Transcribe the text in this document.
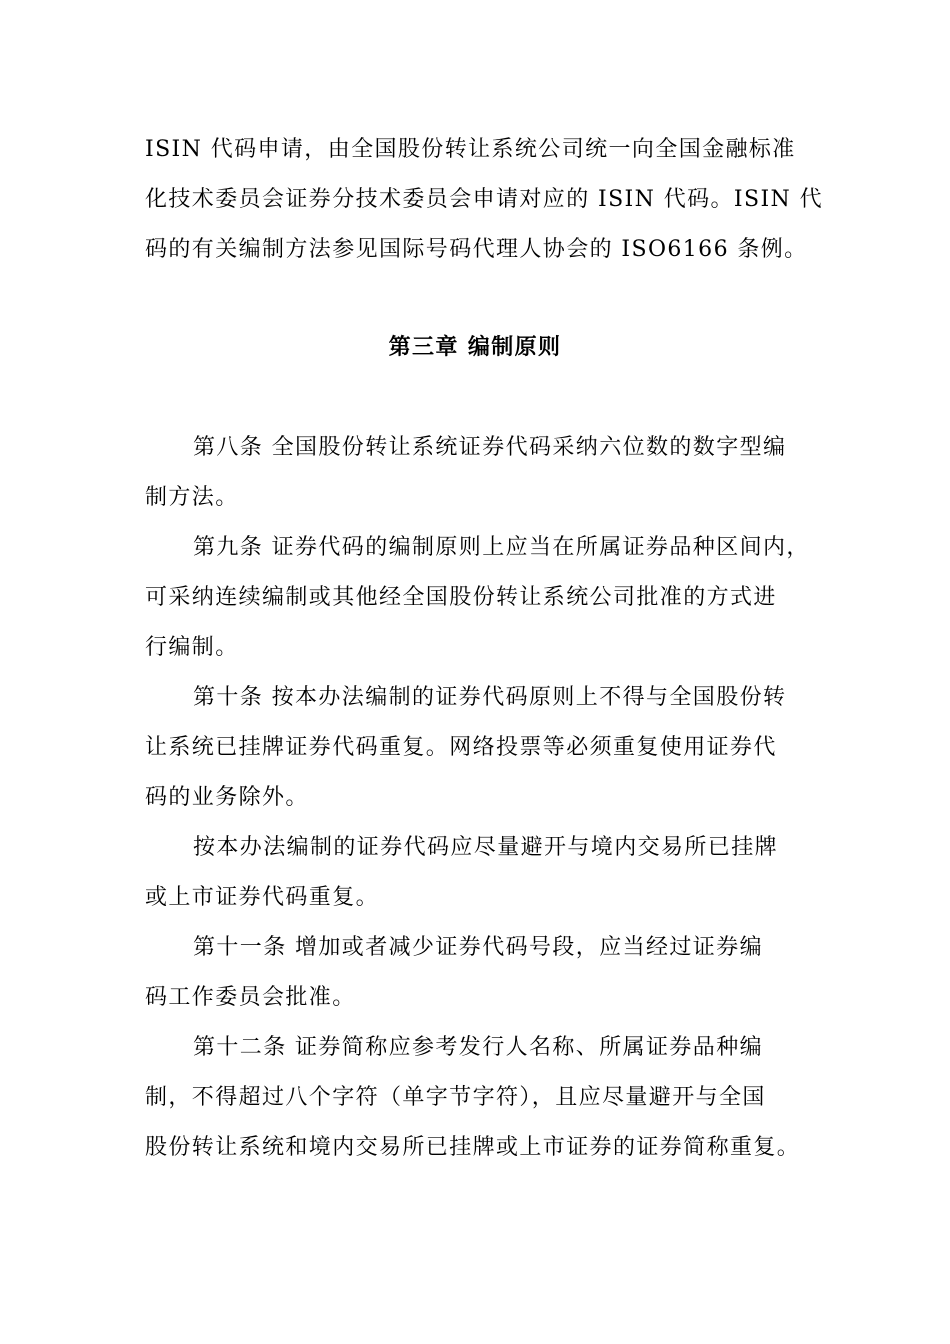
ISIN 代码申请，由全国股份转让系统公司统一向全国金融标准
化技术委员会证券分技术委员会申请对应的 ISIN 代码。ISIN 代
码的有关编制方法参见国际号码代理人协会的 ISO6166 条例。
第三章 编制原则
第八条 全国股份转让系统证券代码采纳六位数的数字型编
制方法。
第九条 证券代码的编制原则上应当在所属证券品种区间内，
可采纳连续编制或其他经全国股份转让系统公司批准的方式进
行编制。
第十条 按本办法编制的证券代码原则上不得与全国股份转
让系统已挂牌证券代码重复。网络投票等必须重复使用证券代
码的业务除外。
按本办法编制的证券代码应尽量避开与境内交易所已挂牌
或上市证券代码重复。
第十一条 增加或者减少证券代码号段，应当经过证券编
码工作委员会批准。
第十二条 证券简称应参考发行人名称、所属证券品种编
制，不得超过八个字符（单字节字符），且应尽量避开与全国
股份转让系统和境内交易所已挂牌或上市证券的证券简称重复。
